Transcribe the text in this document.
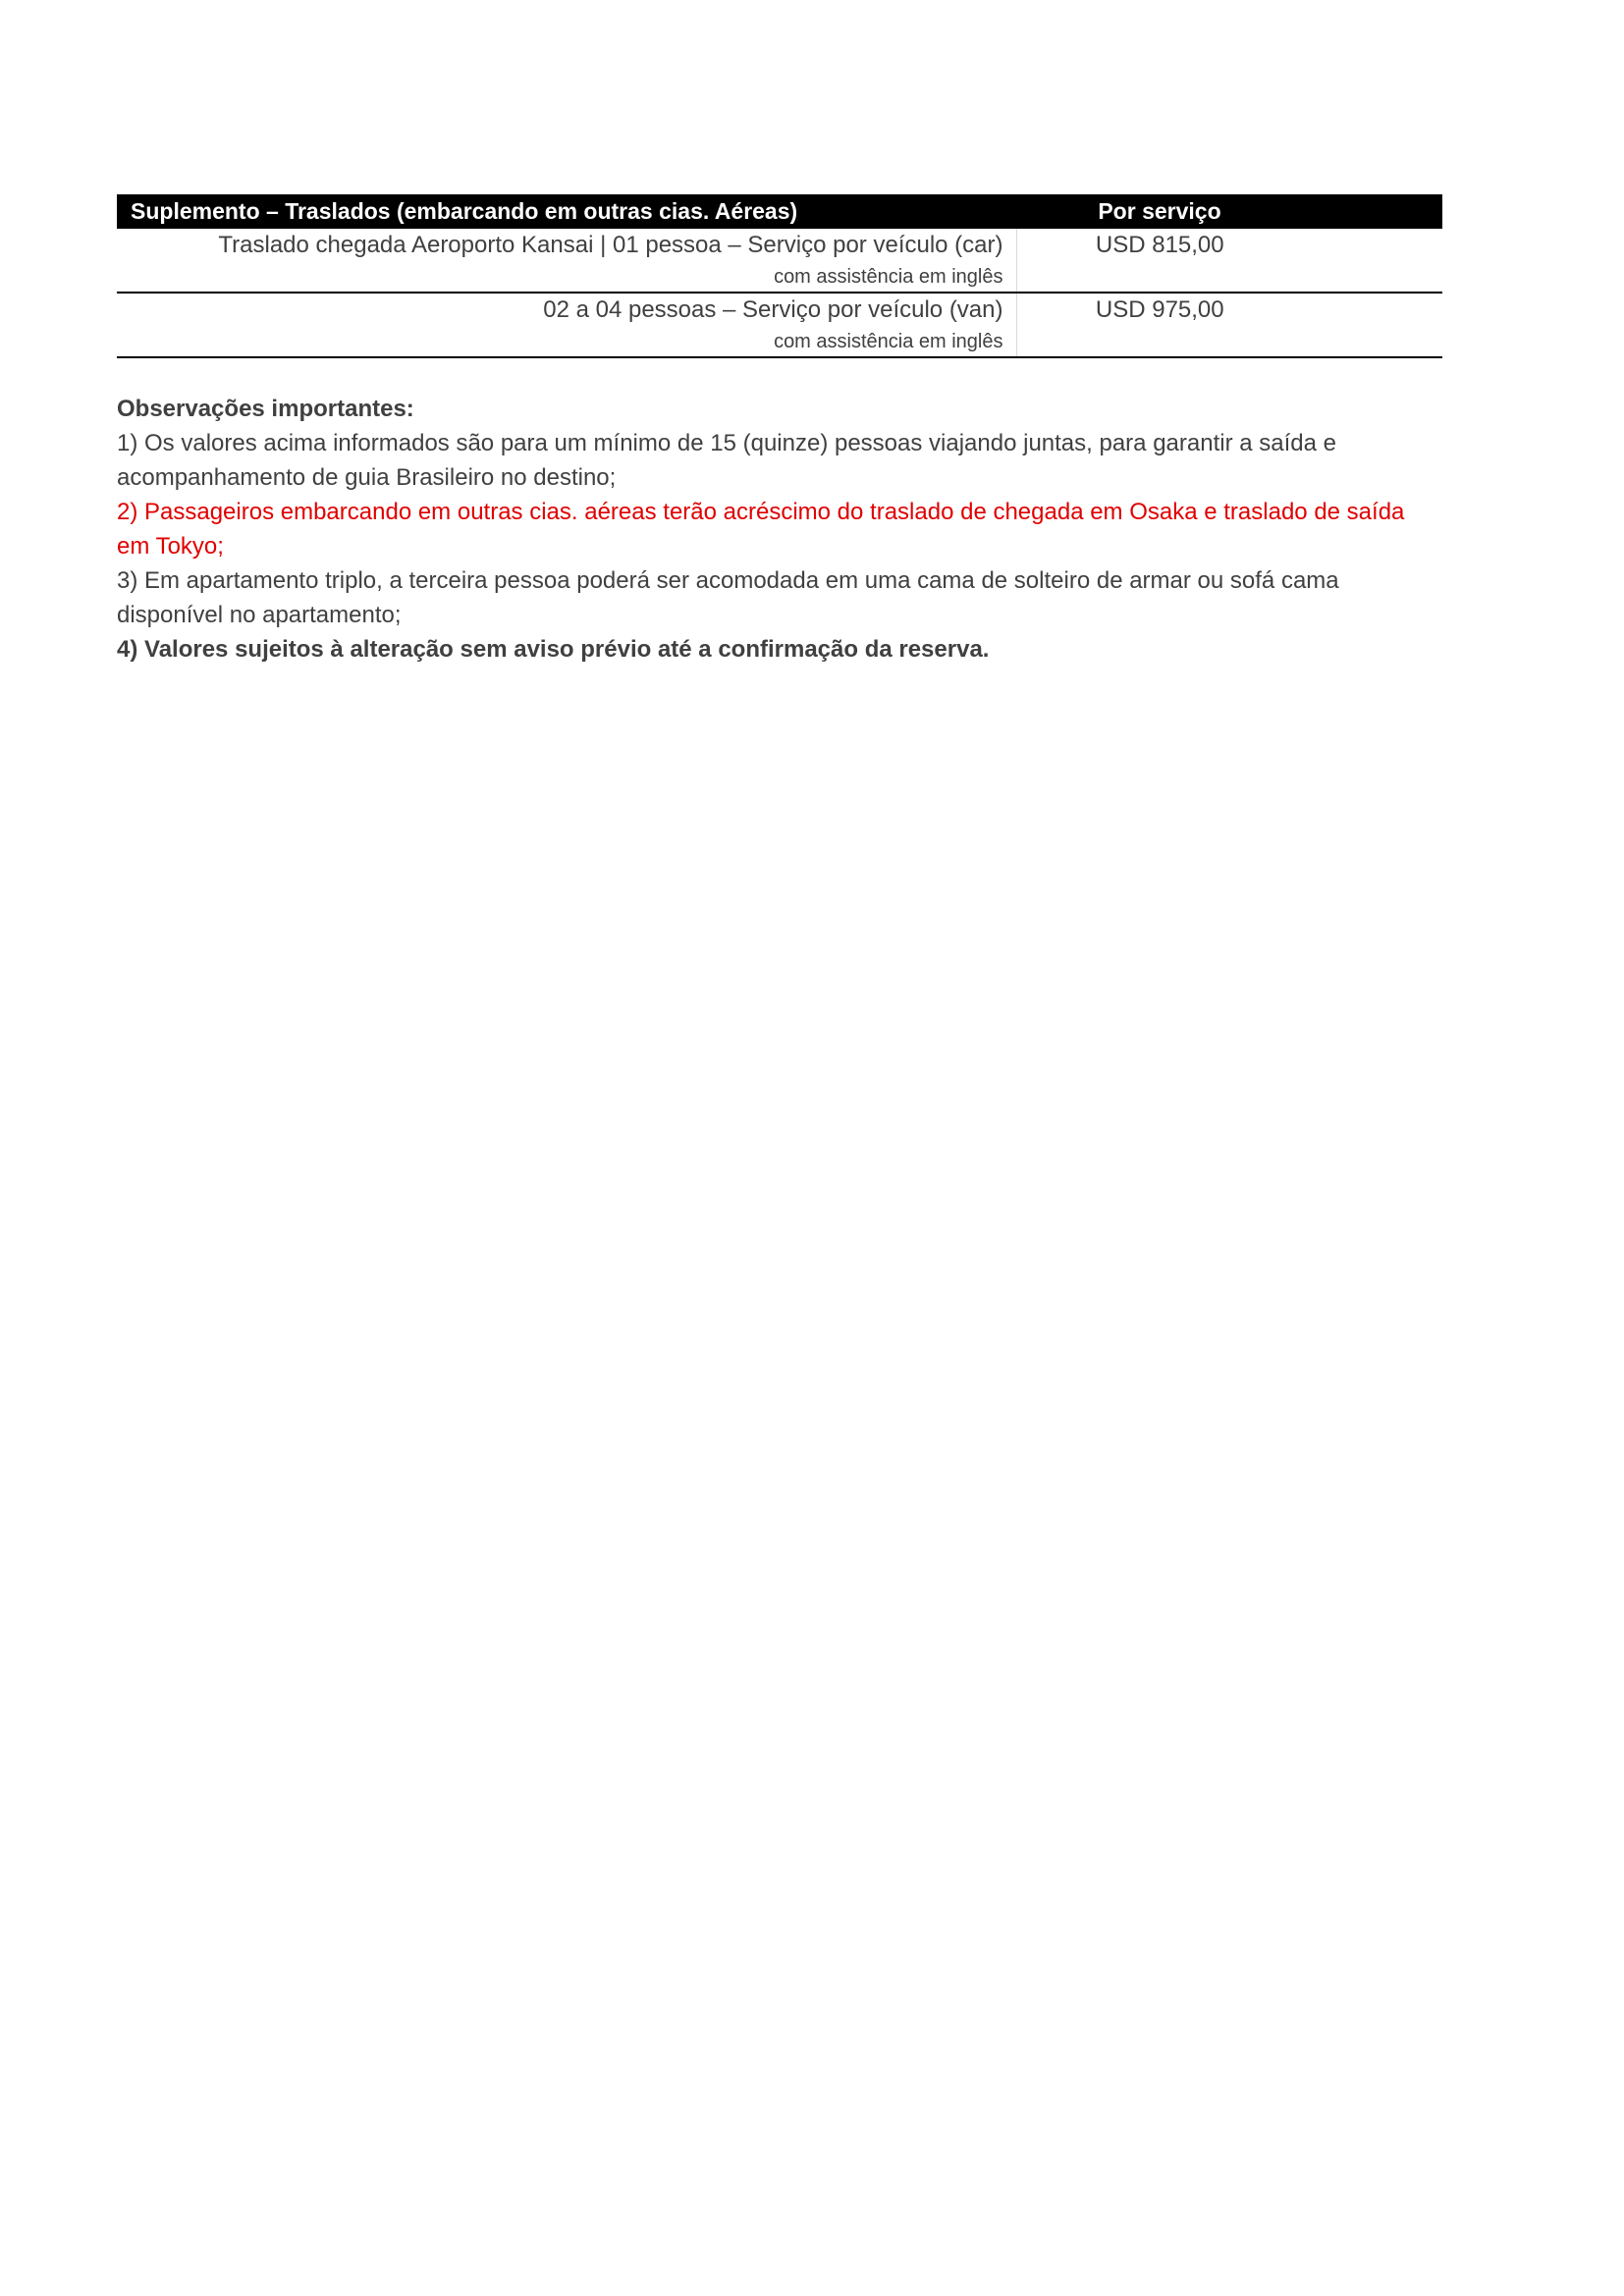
Suplemento – Traslados (embarcando em outras cias. Aéreas)	Por serviço

Traslado chegada Aeroporto Kansai | 01 pessoa – Serviço por veículo (car)
com assistência em inglês	USD 815,00

02 a 04 pessoas – Serviço por veículo (van)
com assistência em inglês	USD 975,00

Observações importantes:

1) Os valores acima informados são para um mínimo de 15 (quinze) pessoas viajando juntas, para garantir a saída e acompanhamento de guia Brasileiro no destino;

2) Passageiros embarcando em outras cias. aéreas terão acréscimo do traslado de chegada em Osaka e traslado de saída em Tokyo;

3) Em apartamento triplo, a terceira pessoa poderá ser acomodada em uma cama de solteiro de armar ou sofá cama disponível no apartamento;

4) Valores sujeitos à alteração sem aviso prévio até a confirmação da reserva.
